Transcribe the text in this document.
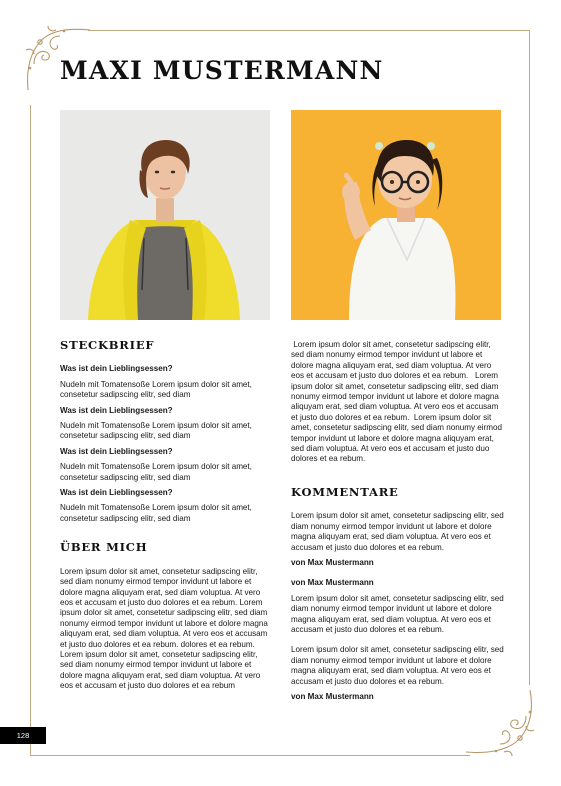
MAXI MUSTERMANN
STECKBRIEF

Was ist dein Lieblingsessen?

Nudeln mit Tomatensoße Lorem ipsum dolor sit amet, consetetur sadipscing elitr, sed diam

Was ist dein Lieblingsessen?

Nudeln mit Tomatensoße Lorem ipsum dolor sit amet, consetetur sadipscing elitr, sed diam

Was ist dein Lieblingsessen?

Nudeln mit Tomatensoße Lorem ipsum dolor sit amet, consetetur sadipscing elitr, sed diam

Was ist dein Lieblingsessen?

Nudeln mit Tomatensoße Lorem ipsum dolor sit amet, consetetur sadipscing elitr, sed diam

ÜBER MICH

Lorem ipsum dolor sit amet, consetetur sadipscing elitr, sed diam nonumy eirmod tempor invidunt ut labore et dolore magna aliquyam erat, sed diam voluptua. At vero eos et accusam et justo duo dolores et ea rebum. Lorem ipsum dolor sit amet, consetetur sadipscing elitr, sed diam nonumy eirmod tempor invidunt ut labore et dolore magna aliquyam erat, sed diam voluptua. At vero eos et accusam et justo duo dolores et ea rebum. dolores et ea rebum. Lorem ipsum dolor sit amet, consetetur sadipscing elitr, sed diam nonumy eirmod tempor invidunt ut labore et dolore magna aliquyam erat, sed diam voluptua. At vero eos et accusam et justo duo dolores et ea rebum

Lorem ipsum dolor sit amet, consetetur sadipscing elitr, sed diam nonumy eirmod tempor invidunt ut labore et dolore magna aliquyam erat, sed diam voluptua. At vero eos et accusam et justo duo dolores et ea rebum.   Lorem ipsum dolor sit amet, consetetur sadipscing elitr, sed diam nonumy eirmod tempor invidunt ut labore et dolore magna aliquyam erat, sed diam voluptua. At vero eos et accusam et justo duo dolores et ea rebum.  Lorem ipsum dolor sit amet, consetetur sadipscing elitr, sed diam nonumy eirmod tempor invidunt ut labore et dolore magna aliquyam erat, sed diam voluptua. At vero eos et accusam et justo duo dolores et ea rebum.

KOMMENTARE

Lorem ipsum dolor sit amet, consetetur sadipscing elitr, sed diam nonumy eirmod tempor invidunt ut labore et dolore magna aliquyam erat, sed diam voluptua. At vero eos et accusam et justo duo dolores et ea rebum.

von Max Mustermann

von Max Mustermann

Lorem ipsum dolor sit amet, consetetur sadipscing elitr, sed diam nonumy eirmod tempor invidunt ut labore et dolore magna aliquyam erat, sed diam voluptua. At vero eos et accusam et justo duo dolores et ea rebum.

Lorem ipsum dolor sit amet, consetetur sadipscing elitr, sed diam nonumy eirmod tempor invidunt ut labore et dolore magna aliquyam erat, sed diam voluptua. At vero eos et accusam et justo duo dolores et ea rebum.

von Max Mustermann

128
